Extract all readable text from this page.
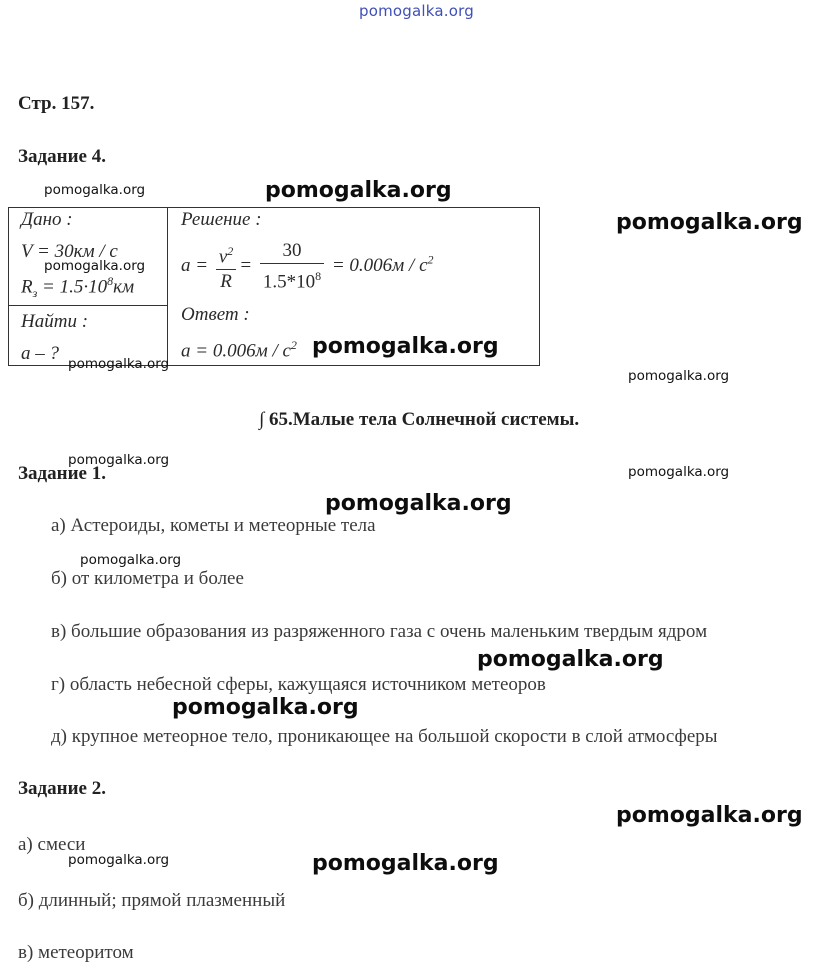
pomogalka.org
Стр. 157.
Задание 4.
Дано :
V = 30км / c
$R_з = 1.5\cdot 10^8км$
Найти :
a – ?
Решение :
$a = \frac{v^2}{R} = \frac{30}{1.5*10^8} = 0.006м / c^2$
Ответ :
$a = 0.006м / c^2$
∫ 65.Малые тела Солнечной системы.
Задание 1.
а) Астероиды, кометы и метеорные тела
б) от километра и более
в) большие образования из разряженного газа с очень маленьким твердым ядром
г) область небесной сферы, кажущаяся источником метеоров
д) крупное метеорное тело, проникающее на большой скорости в слой атмосферы
Задание 2.
а) смеси
б) длинный; прямой плазменный
в) метеоритом
pomogalka.org
pomogalka.org
pomogalka.org
pomogalka.org
pomogalka.org
pomogalka.org
pomogalka.org
pomogalka.org
pomogalka.org
pomogalka.org
pomogalka.org
pomogalka.org
pomogalka.org
pomogalka.org
pomogalka.org	pomogalka.org
